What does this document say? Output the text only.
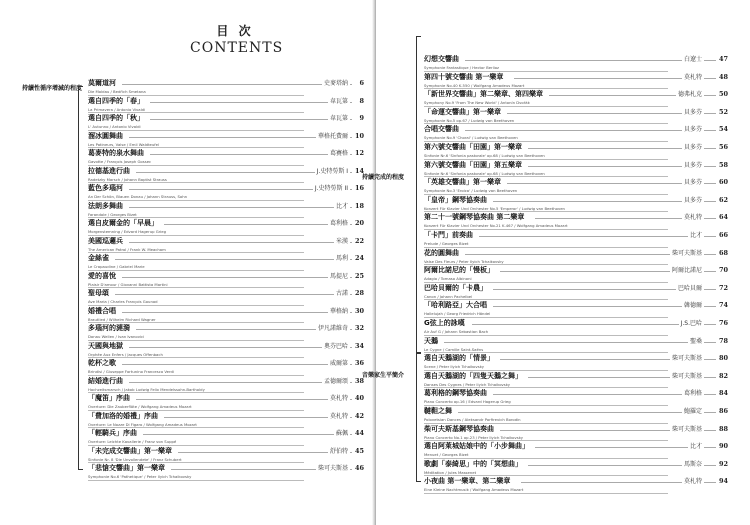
目 次
CONTENTS
持續性循序增減的程度
莫爾道河	史麥塔納	6
Die Moldau / Bedřich Smetana
選自四季的「春」	韋瓦第	8
La Primavera / Antonio Vivaldi
選自四季的「秋」	韋瓦第	9
L' Autunno / Antonio Vivaldi
溜冰圓舞曲	華格托費爾	10
Les Patineurs, Valse / Emil Waldteufel
葛麥特的泉水舞曲	葛賽格	12
Gavotte / François Joseph Gossec
拉德基進行曲	J.史特勞斯 I	14
Radetzky Marsch / Johann Baptist Strauss
藍色多瑙河	J.史特勞斯 II	16
An Der Schön, Blauen Donau / Johann Strauss, Sohn
法朗多舞曲	比才	18
Farandole / Georges Bizet
選自皮爾金的「早晨」	葛利格	20
Morgenstemning / Edvard Hagerup Grieg
美國巡邏兵	米漢	22
The American Patrol / Frank W. Meacham
金絲雀	馬利	24
Le Crapaudine / Gabriel Marie
愛的喜悅	馬提尼	25
Plaisir D'amour / Giovanni Battista Martini
聖母頌	古諾	28
Ave Maria / Charles François Gounod
婚禮合唱	華格納	30
Brautlied / Wilhelm Richard Wagner
多瑙河的漣漪	伊凡諾維奇	32
Donau Wellen / Ivan Ivanovici
天國與地獄	奧芬巴哈	34
Orphée Aux Enfers / Jacques Offenbach
乾杯之歌	威爾第	36
Brindisi / Giuseppe Fortunino Francesco Verdi
結婚進行曲	孟德爾頌	38
Hochzeitsmarsch / Jakob Ludwig Felix Mendelssohn-Bartholdy
「魔笛」序曲	莫札特	40
Overture: Die Zauberflöte / Wolfgang Amadeus Mozart
「費加洛的婚禮」序曲	莫札特	42
Overture: Le Nozze Di Figaro / Wolfgang Amadeus Mozart
「輕騎兵」序曲	蘇佩	44
Overture: Leichte Kavallerie / Franz von Suppé
「未完成交響曲」第一樂章	舒伯特	45
Sinfonie Nr. 8 'Die Unvollendete' / Franz Schubert
「悲愴交響曲」第一樂章	柴可夫斯基	46
Symphonie No.6 'Pathetique' / Peter Ilyich Tchaikovsky
持續完成的程度
音樂家生平簡介
幻想交響曲	白遼士	47
Symphonie Fantastique / Hector Berlioz
第四十號交響曲 第一樂章	莫札特	48
Symphonie No.40 K.550 / Wolfgang Amadeus Mozart
「新世界交響曲」第二樂章、第四樂章	德弗札克	50
Symphony No.9 'From The New World' / Antonín Dvořák
「命運交響曲」第一樂章	貝多芬	52
Symphonie No.5 op.67 / Ludwig van Beethoven
合唱交響曲	貝多芬	54
Symphonie No.9 'Choral' / Ludwig van Beethoven
第六號交響曲「田園」第一樂章	貝多芬	56
Sinfonie Nr.6 'Sinfonia pastorale' op.68 / Ludwig van Beethoven
第六號交響曲「田園」第五樂章	貝多芬	58
Sinfonie Nr.6 'Sinfonia pastorale' op.68 / Ludwig van Beethoven
「英雄交響曲」第一樂章	貝多芬	60
Symphonie No.3 'Eroica' / Ludwig van Beethoven
「皇帝」鋼琴協奏曲	貝多芬	62
Konzert Für Klavier Und Orchester No.5 'Emperor' / Ludwig van Beethoven
第二十一號鋼琴協奏曲 第二樂章	莫札特	64
Konzert Für Klavier Und Orchester No.21 K.467 / Wolfgang Amadeus Mozart
「卡門」前奏曲	比才	66
Prelude / Georges Bizet
花的圓舞曲	柴可夫斯基	68
Valse Des Fleurs / Peter Ilyich Tchaikovsky
阿爾比諾尼的「慢板」	阿爾比諾尼	70
Adagio / Tomaso Albinoni
巴哈貝爾的「卡農」	巴哈貝爾	72
Canon / Johann Pachelbel
「哈利路亞」大合唱	韓德爾	74
Hallelujah / Georg Friedrich Händel
G弦上的詠嘆	J.S.巴哈	76
Air Auf G / Johann Sebastian Bach
天鵝	聖桑	78
Le Cygne / Camille Saint-Saëns
選自天鵝湖的「情景」	柴可夫斯基	80
Scene / Peter Ilyich Tchaikovsky
選自天鵝湖的「四隻天鵝之舞」	柴可夫斯基	82
Danses Des Cygnes / Peter Ilyich Tchaikovsky
葛利格的鋼琴協奏曲	葛利格	84
Piano Concerto op.16 / Edvard Hagerup Grieg
韃靼之舞	鮑羅定	86
Polovetsian Dances / Aleksandr Porfirevich Borodin
柴可夫斯基鋼琴協奏曲	柴可夫斯基	88
Piano Concerto No.1 op.23 / Peter Ilyich Tchaikovsky
選自阿萊城姑娘中的「小步舞曲」	比才	90
Menuet / Georges Bizet
歌劇「泰綺思」中的「冥想曲」	馬斯奈	92
Méditation / Jules Massenet
小夜曲 第一樂章、第二樂章	莫札特	94
Eine Kleine Nachtmusik / Wolfgang Amadeus Mozart
